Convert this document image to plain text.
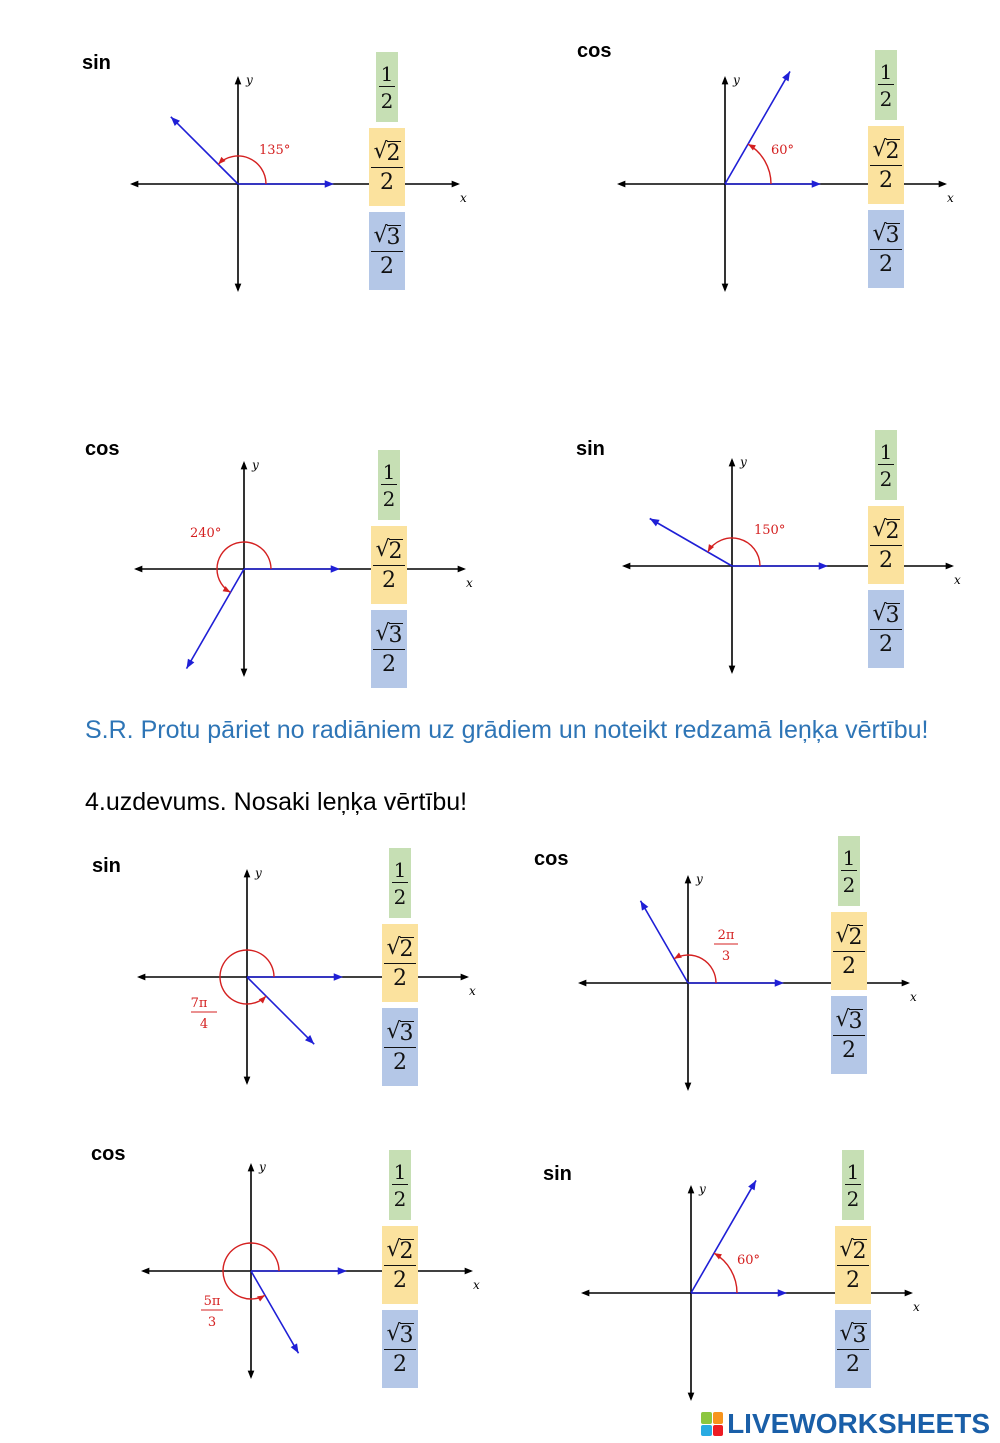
sin
cos
cos	sin
sin	cos
cos
sin
x
y
135°
x
y
60°
x
y
240°
x
y
150°
x
y
7π
4
x
y
2π
3
x
y
5π
3
x
y
60°
$\frac{1}{2}$
$\frac{√ 2}{2}$
$\frac{√ 3}{2}$
$\frac{1}{2}$
$\frac{√ 2}{2}$
$\frac{√ 3}{2}$
$\frac{1}{2}$
$\frac{√ 2}{2}$
$\frac{√ 3}{2}$
$\frac{1}{2}$
$\frac{√ 2}{2}$
$\frac{√ 3}{2}$
$\frac{1}{2}$
$\frac{√ 2}{2}$
$\frac{√ 3}{2}$
$\frac{1}{2}$
$\frac{√ 2}{2}$
$\frac{√ 3}{2}$
$\frac{1}{2}$
$\frac{√ 2}{2}$
$\frac{√ 3}{2}$
$\frac{1}{2}$
$\frac{√ 2}{2}$
$\frac{√ 3}{2}$
S.R. Protu pāriet no radiāniem uz grādiem un noteikt redzamā leņķa vērtību!
4.uzdevums. Nosaki leņķa vērtību!
LIVEWORKSHEETS
